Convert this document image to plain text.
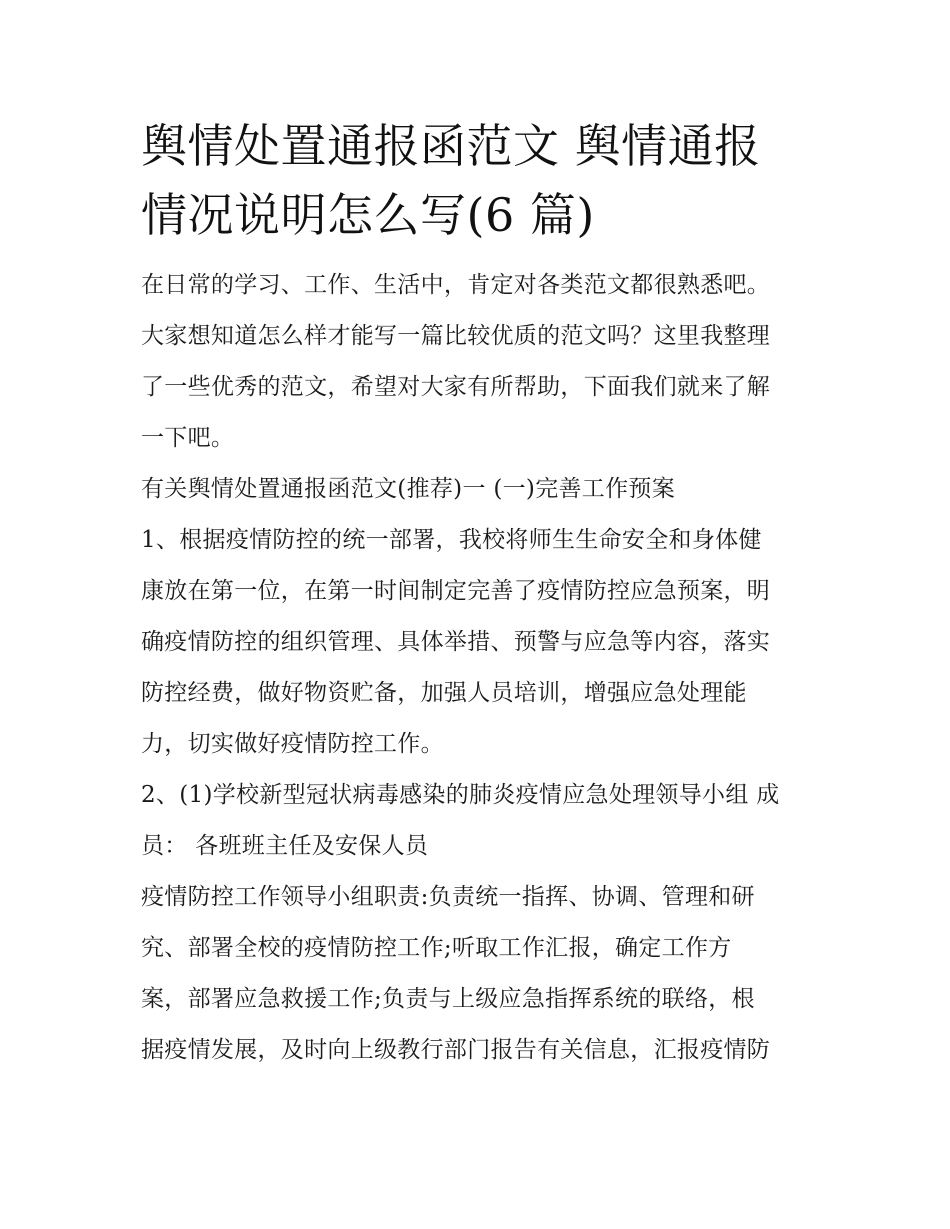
舆情处置通报函范文 舆情通报
情况说明怎么写(6 篇)

在日常的学习、工作、生活中，肯定对各类范文都很熟悉吧。

大家想知道怎么样才能写一篇比较优质的范文吗？这里我整理

了一些优秀的范文，希望对大家有所帮助，下面我们就来了解

一下吧。

有关舆情处置通报函范文(推荐)一 (一)完善工作预案

1、根据疫情防控的统一部署，我校将师生生命安全和身体健

康放在第一位，在第一时间制定完善了疫情防控应急预案，明

确疫情防控的组织管理、具体举措、预警与应急等内容，落实

防控经费，做好物资贮备，加强人员培训，增强应急处理能

力，切实做好疫情防控工作。

2、(1)学校新型冠状病毒感染的肺炎疫情应急处理领导小组 成

员： 各班班主任及安保人员

疫情防控工作领导小组职责:负责统一指挥、协调、管理和研

究、部署全校的疫情防控工作;听取工作汇报，确定工作方

案，部署应急救援工作;负责与上级应急指挥系统的联络，根

据疫情发展，及时向上级教行部门报告有关信息，汇报疫情防
